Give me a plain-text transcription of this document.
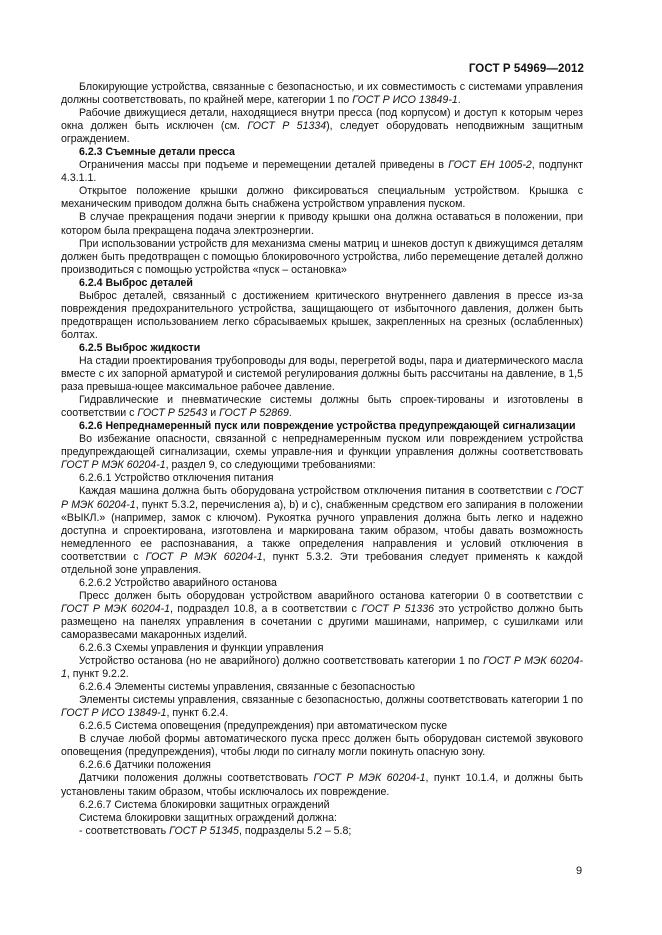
ГОСТ Р 54969—2012

Блокирующие устройства, связанные с безопасностью, и их совместимость с системами управления должны соответствовать, по крайней мере, категории 1 по ГОСТ Р ИСО 13849-1.

Рабочие движущиеся детали, находящиеся внутри пресса (под корпусом) и доступ к которым через окна должен быть исключен (см. ГОСТ Р 51334), следует оборудовать неподвижным защитным ограждением.

6.2.3 Съемные детали пресса

Ограничения массы при подъеме и перемещении деталей приведены в ГОСТ ЕН 1005-2, подпункт 4.3.1.1.

Открытое положение крышки должно фиксироваться специальным устройством. Крышка с механическим приводом должна быть снабжена устройством управления пуском.

В случае прекращения подачи энергии к приводу крышки она должна оставаться в положении, при котором была прекращена подача электроэнергии.

При использовании устройств для механизма смены матриц и шнеков доступ к движущимся деталям должен быть предотвращен с помощью блокировочного устройства, либо перемещение деталей должно производиться с помощью устройства «пуск – остановка»

6.2.4 Выброс деталей

Выброс деталей, связанный с достижением критического внутреннего давления в прессе из-за повреждения предохранительного устройства, защищающего от избыточного давления, должен быть предотвращен использованием легко сбрасываемых крышек, закрепленных на срезных (ослабленных) болтах.

6.2.5 Выброс жидкости

На стадии проектирования трубопроводы для воды, перегретой воды, пара и диатермического масла вместе с их запорной арматурой и системой регулирования должны быть рассчитаны на давление, в 1,5 раза превыша-ющее максимальное рабочее давление.

Гидравлические и пневматические системы должны быть спроек-тированы и изготовлены в соответствии с ГОСТ Р 52543 и ГОСТ Р 52869.

6.2.6 Непреднамеренный пуск или повреждение устройства предупреждающей сигнализации

Во избежание опасности, связанной с непреднамеренным пуском или повреждением устройства предупреждающей сигнализации, схемы управле-ния и функции управления должны соответствовать ГОСТ Р МЭК 60204-1, раздел 9, со следующими требованиями:

6.2.6.1 Устройство отключения питания

Каждая машина должна быть оборудована устройством отключения питания в соответствии с ГОСТ Р МЭК 60204-1, пункт 5.3.2, перечисления а), b) и с), снабженным средством его запирания в положении «ВЫКЛ.» (например, замок с ключом). Рукоятка ручного управления должна быть легко и надежно доступна и спроектирована, изготовлена и маркирована таким образом, чтобы давать возможность немедленного ее распознавания, а также определения направления и условий отключения в соответствии с ГОСТ Р МЭК 60204-1, пункт 5.3.2. Эти требования следует применять к каждой отдельной зоне управления.

6.2.6.2 Устройство аварийного останова

Пресс должен быть оборудован устройством аварийного останова категории 0 в соответствии с ГОСТ Р МЭК 60204-1, подраздел 10.8, а в соответствии с ГОСТ Р 51336 это устройство должно быть размещено на панелях управления в сочетании с другими машинами, например, с сушилками или саморазвесами макаронных изделий.

6.2.6.3 Схемы управления и функции управления

Устройство останова (но не аварийного) должно соответствовать категории 1 по ГОСТ Р МЭК 60204-1, пункт 9.2.2.

6.2.6.4 Элементы системы управления, связанные с безопасностью

Элементы системы управления, связанные с безопасностью, должны соответствовать категории 1 по ГОСТ Р ИСО 13849-1, пункт 6.2.4.

6.2.6.5 Система оповещения (предупреждения) при автоматическом пуске

В случае любой формы автоматического пуска пресс должен быть оборудован системой звукового оповещения (предупреждения), чтобы люди по сигналу могли покинуть опасную зону.

6.2.6.6 Датчики положения

Датчики положения должны соответствовать ГОСТ Р МЭК 60204-1, пункт 10.1.4, и должны быть установлены таким образом, чтобы исключалось их повреждение.

6.2.6.7 Система блокировки защитных ограждений

Система блокировки защитных ограждений должна:

- соответствовать ГОСТ Р 51345, подразделы 5.2 – 5.8;

9
